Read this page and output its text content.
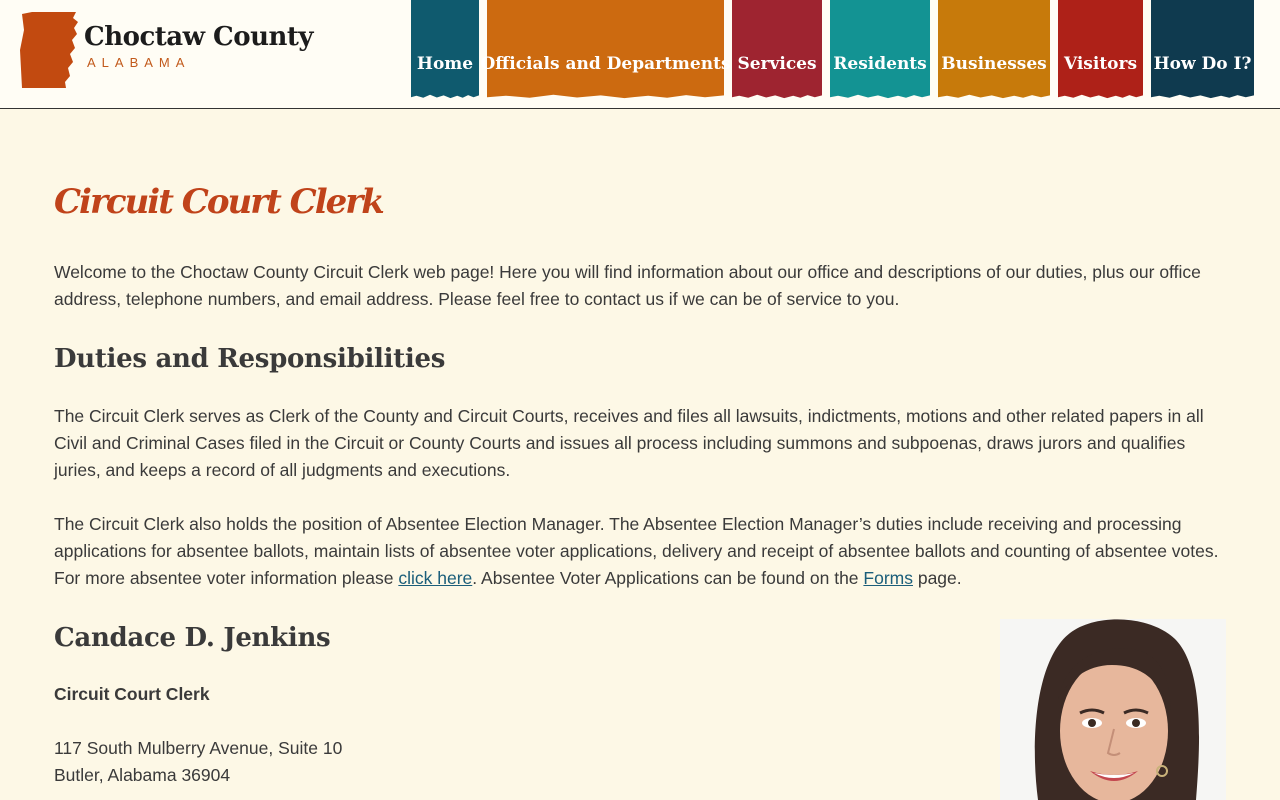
Choctaw County
ALABAMA	Home Officials and Departments Services Residents Businesses	Visitors How Do I?
Circuit Court Clerk

Welcome to the Choctaw County Circuit Clerk web page! Here you will find information about our office and descriptions of our duties, plus our office address, telephone numbers, and email address. Please feel free to contact us if we can be of service to you.

Duties and Responsibilities

The Circuit Clerk serves as Clerk of the County and Circuit Courts, receives and files all lawsuits, indictments, motions and other related papers in all Civil and Criminal Cases filed in the Circuit or County Courts and issues all process including summons and subpoenas, draws jurors and qualifies juries, and keeps a record of all judgments and executions.

The Circuit Clerk also holds the position of Absentee Election Manager. The Absentee Election Manager’s duties include receiving and processing applications for absentee ballots, maintain lists of absentee voter applications, delivery and receipt of absentee ballots and counting of absentee votes. For more absentee voter information please click here. Absentee Voter Applications can be found on the Forms page.

Candace D. Jenkins
Circuit Court Clerk
117 South Mulberry Avenue, Suite 10
Butler, Alabama 36904
